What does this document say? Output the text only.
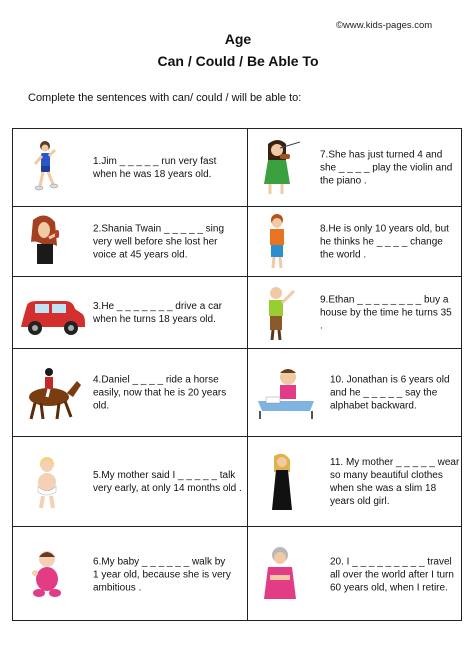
©www.kids-pages.com
Age
Can / Could / Be Able To
Complete the sentences with can/ could / will be able to:
1.Jim _ _ _ _ _ run very fast when he was 18 years old.
2.Shania Twain _ _ _ _ _ sing very well before she lost her voice at 45 years old.
3.He _ _ _ _ _ _ _ drive a car when he turns 18 years old.
4.Daniel _ _ _ _ ride a horse easily, now that he is 20 years old.
5.My mother said I _ _ _ _ _ talk very early, at only 14 months old .
6.My baby _ _ _ _ _ _ walk by 1 year old, because she is very ambitious .
7.She has just turned 4 and she _ _ _ _ play the violin and the piano .
8.He is only 10 years old, but he thinks he _ _ _ _ change the world .
9.Ethan _ _ _ _ _ _ _ _ buy a house by the time he turns 35 .
10. Jonathan is 6 years old and he _ _ _ _ _ say the alphabet backward.
11. My mother _ _ _ _ _ wear so many beautiful clothes when she was a slim 18 years old girl.
20. I _ _ _ _ _ _ _ _ _ travel all over the world after I turn 60 years old, when I retire.
